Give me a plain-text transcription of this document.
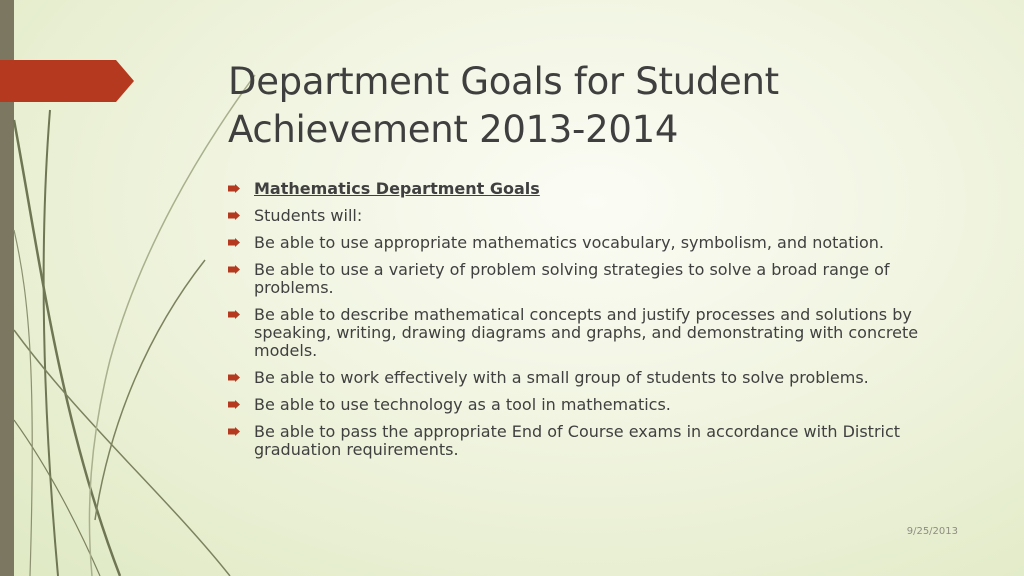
Department Goals for Student
Achievement 2013-2014
Mathematics Department Goals
Students will:
Be able to use appropriate mathematics vocabulary, symbolism, and notation.
Be able to use a variety of problem solving strategies to solve a broad range of problems.
Be able to describe mathematical concepts and justify processes and solutions by speaking, writing, drawing diagrams and graphs, and demonstrating with concrete models.
Be able to work effectively with a small group of students to solve problems.
Be able to use technology as a tool in mathematics.
Be able to pass the appropriate End of Course exams in accordance with District graduation requirements.
9/25/2013
